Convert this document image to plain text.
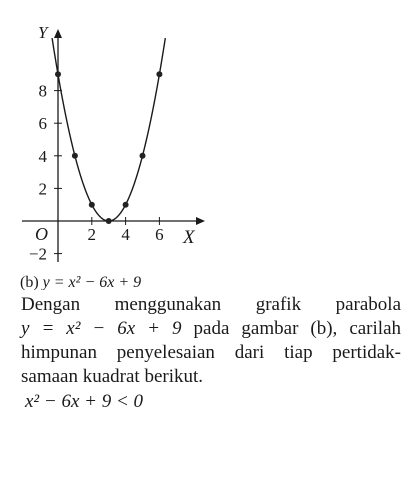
2 4 6
−2
2
4
6
8
X
Y
O
(b) y = x² − 6x + 9
Dengan menggunakan grafik parabola
y = x² − 6x + 9 pada gambar (b), carilah
himpunan penyelesaian dari tiap pertidak-
samaan kuadrat berikut.

x² − 6x + 9 < 0
